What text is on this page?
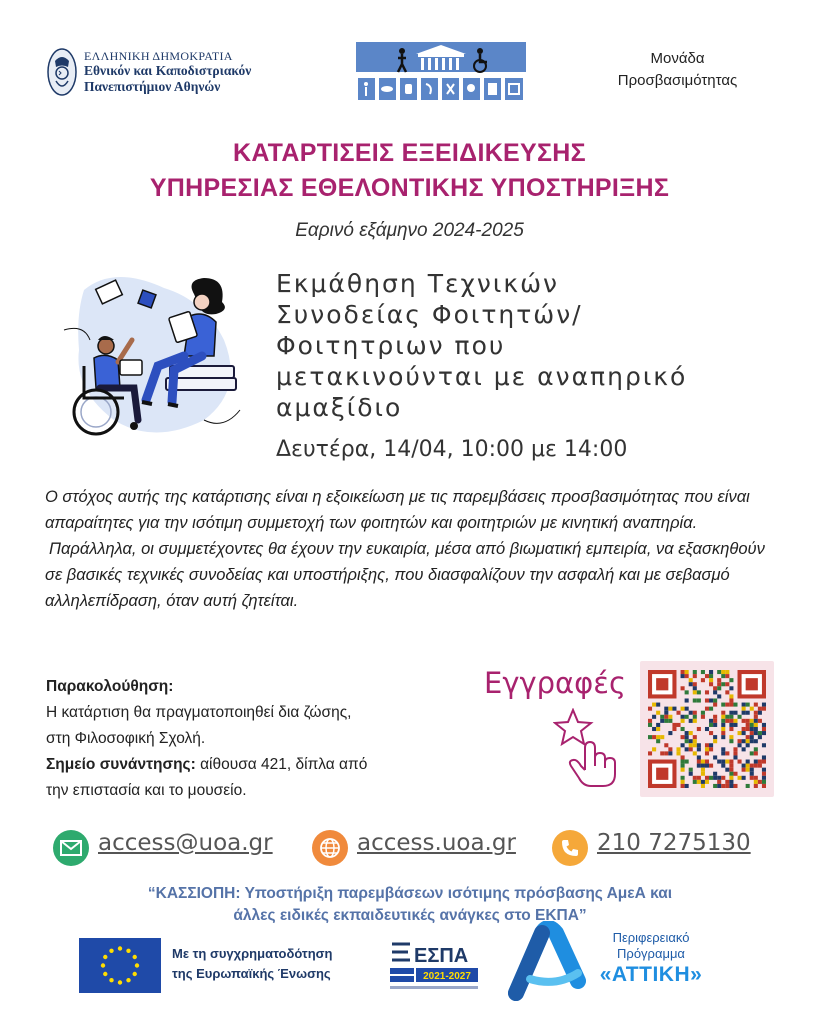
ΕΛΛΗΝΙΚΗ ΔΗΜΟΚΡΑΤΙΑ
Εθνικόν και Καποδιστριακόν
Πανεπιστήμιον Αθηνών
Μονάδα
Προσβασιμότητας
ΚΑΤΑΡΤΙΣΕΙΣ ΕΞΕΙΔΙΚΕΥΣΗΣ
ΥΠΗΡΕΣΙΑΣ ΕΘΕΛΟΝΤΙΚΗΣ ΥΠΟΣΤΗΡΙΞΗΣ
Εαρινό εξάμηνο 2024-2025
Εκμάθηση Τεχνικών
Συνοδείας Φοιτητών/
Φοιτητριων που
μετακινούνται με αναπηρικό
αμαξίδιο
Δευτέρα, 14/04, 10:00 με 14:00

Ο στόχος αυτής της κατάρτισης είναι η εξοικείωση με τις παρεμβάσεις προσβασιμότητας που είναι απαραίτητες για την ισότιμη συμμετοχή των φοιτητών και φοιτητριών με κινητική αναπηρία.

Παράλληλα, οι συμμετέχοντες θα έχουν την ευκαιρία, μέσα από βιωματική εμπειρία, να εξασκηθούν σε βασικές τεχνικές συνοδείας και υποστήριξης, που διασφαλίζουν την ασφαλή και με σεβασμό αλληλεπίδραση, όταν αυτή ζητείται.

Παρακολούθηση:
Η κατάρτιση θα πραγματοποιηθεί δια ζώσης,
στη Φιλοσοφική Σχολή.
Σημείο συνάντησης: αίθουσα 421, δίπλα από
την επιστασία και το μουσείο.
Εγγραφές
access@uoa.gr	access.uoa.gr	210 7275130
“ΚΑΣΣΙΟΠΗ: Υποστήριξη παρεμβάσεων ισότιμης πρόσβασης ΑμεΑ και
άλλες ειδικές εκπαιδευτικές ανάγκες στο ΕΚΠΑ”
Με τη συγχρηματοδότηση
της Ευρωπαϊκής Ένωσης
ΕΣΠΑ
2021-2027
Περιφερειακό
Πρόγραμμα
«ΑΤΤΙΚΗ»
